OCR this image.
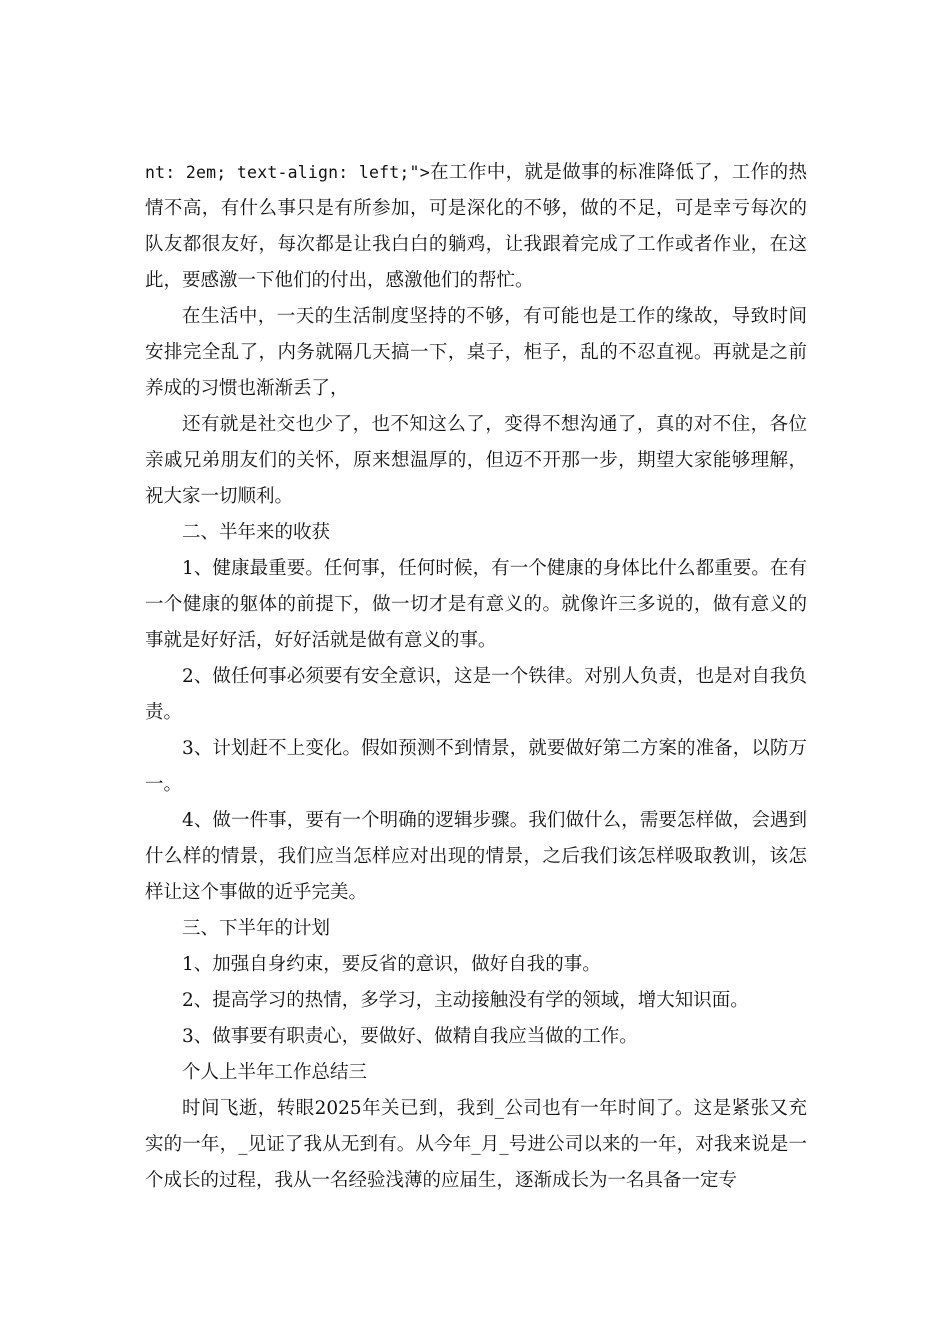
nt: 2em; text-align: left;">在工作中，就是做事的标准降低了，工作的热情不高，有什么事只是有所参加，可是深化的不够，做的不足，可是幸亏每次的队友都很友好，每次都是让我白白的躺鸡，让我跟着完成了工作或者作业，在这此，要感激一下他们的付出，感激他们的帮忙。

在生活中，一天的生活制度坚持的不够，有可能也是工作的缘故，导致时间安排完全乱了，内务就隔几天搞一下，桌子，柜子，乱的不忍直视。再就是之前养成的习惯也渐渐丢了，

还有就是社交也少了，也不知这么了，变得不想沟通了，真的对不住，各位亲戚兄弟朋友们的关怀，原来想温厚的，但迈不开那一步，期望大家能够理解，祝大家一切顺利。

二、半年来的收获

1、健康最重要。任何事，任何时候，有一个健康的身体比什么都重要。在有一个健康的躯体的前提下，做一切才是有意义的。就像许三多说的，做有意义的事就是好好活，好好活就是做有意义的事。

2、做任何事必须要有安全意识，这是一个铁律。对别人负责，也是对自我负责。

3、计划赶不上变化。假如预测不到情景，就要做好第二方案的准备，以防万一。

4、做一件事，要有一个明确的逻辑步骤。我们做什么，需要怎样做，会遇到什么样的情景，我们应当怎样应对出现的情景，之后我们该怎样吸取教训，该怎样让这个事做的近乎完美。

三、下半年的计划

1、加强自身约束，要反省的意识，做好自我的事。

2、提高学习的热情，多学习，主动接触没有学的领域，增大知识面。

3、做事要有职责心，要做好、做精自我应当做的工作。

个人上半年工作总结三

时间飞逝，转眼2025年关已到，我到_公司也有一年时间了。这是紧张又充实的一年，_见证了我从无到有。从今年_月_号进公司以来的一年，对我来说是一个成长的过程，我从一名经验浅薄的应届生，逐渐成长为一名具备一定专
